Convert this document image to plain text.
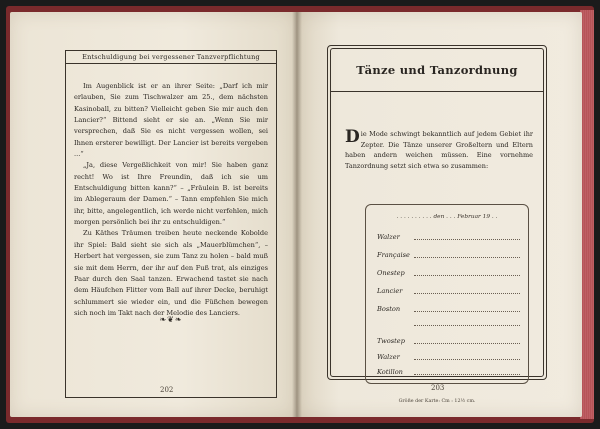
Entschuldigung bei vergessener Tanzverpflichtung

Im Augenblick ist er an ihrer Seite: „Darf ich mir erlauben, Sie zum Tischwalzer am 25., dem nächsten Kasinoball, zu bitten? Vielleicht geben Sie mir auch den Lancier?“ Bittend sieht er sie an. „Wenn Sie mir versprechen, daß Sie es nicht vergessen wollen, sei Ihnen ersterer bewilligt. Der Lancier ist bereits vergeben ...“

„Ja, diese Vergeßlichkeit von mir! Sie haben ganz recht! Wo ist Ihre Freundin, daß ich sie um Entschuldigung bitten kann?“ – „Fräulein B. ist bereits im Ablegeraum der Damen.“ – Tann empfehlen Sie mich ihr, bitte, angelegentlich, ich werde nicht verfehlen, mich morgen persönlich bei ihr zu entschuldigen.“

Zu Käthes Träumen treiben heute neckende Kobolde ihr Spiel: Bald sieht sie sich als „Mauerblümchen“, – Herbert hat vergessen, sie zum Tanz zu holen – bald muß sie mit dem Herrn, der ihr auf den Fuß trat, als einziges Paar durch den Saal tanzen. Erwachend tastet sie nach dem Häufchen Flitter vom Ball auf ihrer Decke, beruhigt schlummert sie wieder ein, und die Füßchen bewegen sich noch im Takt nach der Melodie des Lanciers.

❧❦❧
202
Tänze und Tanzordnung
Die Mode schwingt bekanntlich auf jedem Gebiet ihr Zepter. Die Tänze unserer Großeltern und Eltern haben andern weichen müssen. Eine vornehme Tanzordnung setzt sich etwa so zusammen:
. . . . . . . . . . den . . . Februar 19 . .
Walzer
Française
Onestep
Lancier
Boston
Twostep
Walzer
Kotillon
Größe der Karte: Cm : 12½ cm.
203
